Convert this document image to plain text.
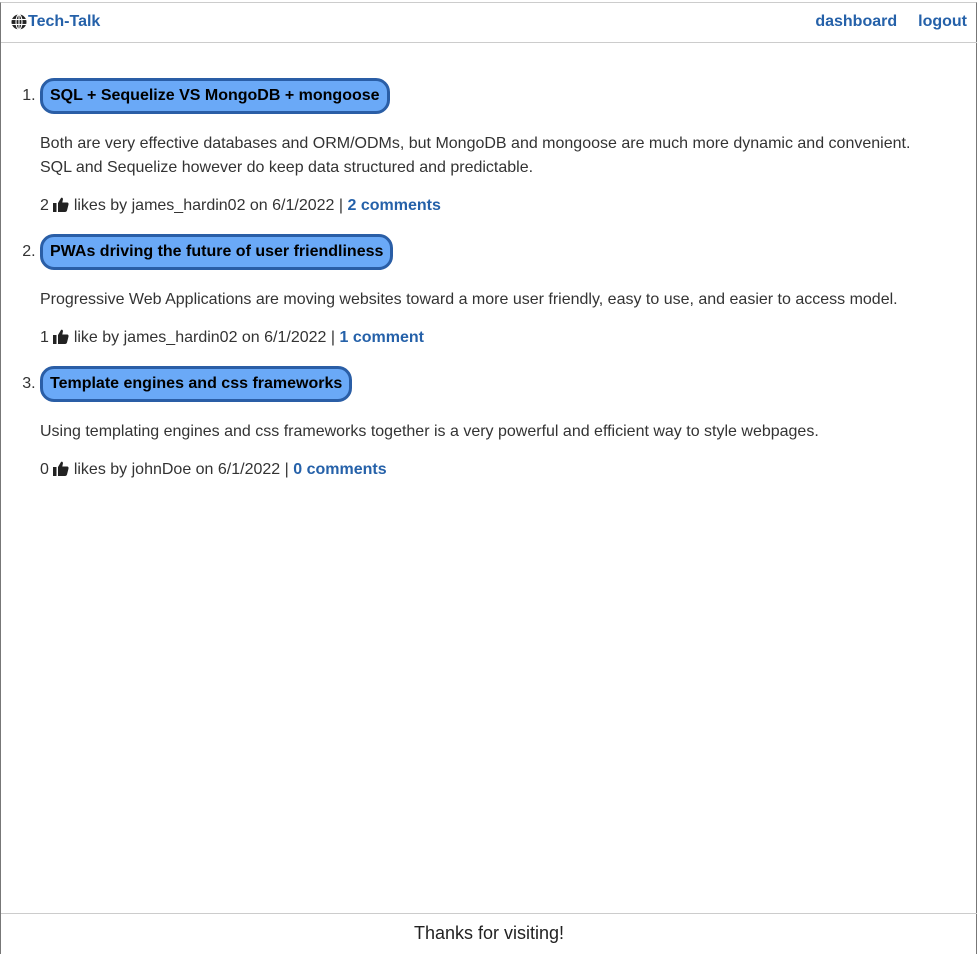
Tech-Talk	dashboard logout
1. SQL + Sequelize VS MongoDB + mongoose

Both are very effective databases and ORM/ODMs, but MongoDB and mongoose are much more dynamic and convenient. SQL and Sequelize however do keep data structured and predictable.

2 likes by james_hardin02 on 6/1/2022 | 2 comments
2. PWAs driving the future of user friendliness

Progressive Web Applications are moving websites toward a more user friendly, easy to use, and easier to access model.

1 like by james_hardin02 on 6/1/2022 | 1 comment
3. Template engines and css frameworks

Using templating engines and css frameworks together is a very powerful and efficient way to style webpages.

0 likes by johnDoe on 6/1/2022 | 0 comments
Thanks for visiting!
